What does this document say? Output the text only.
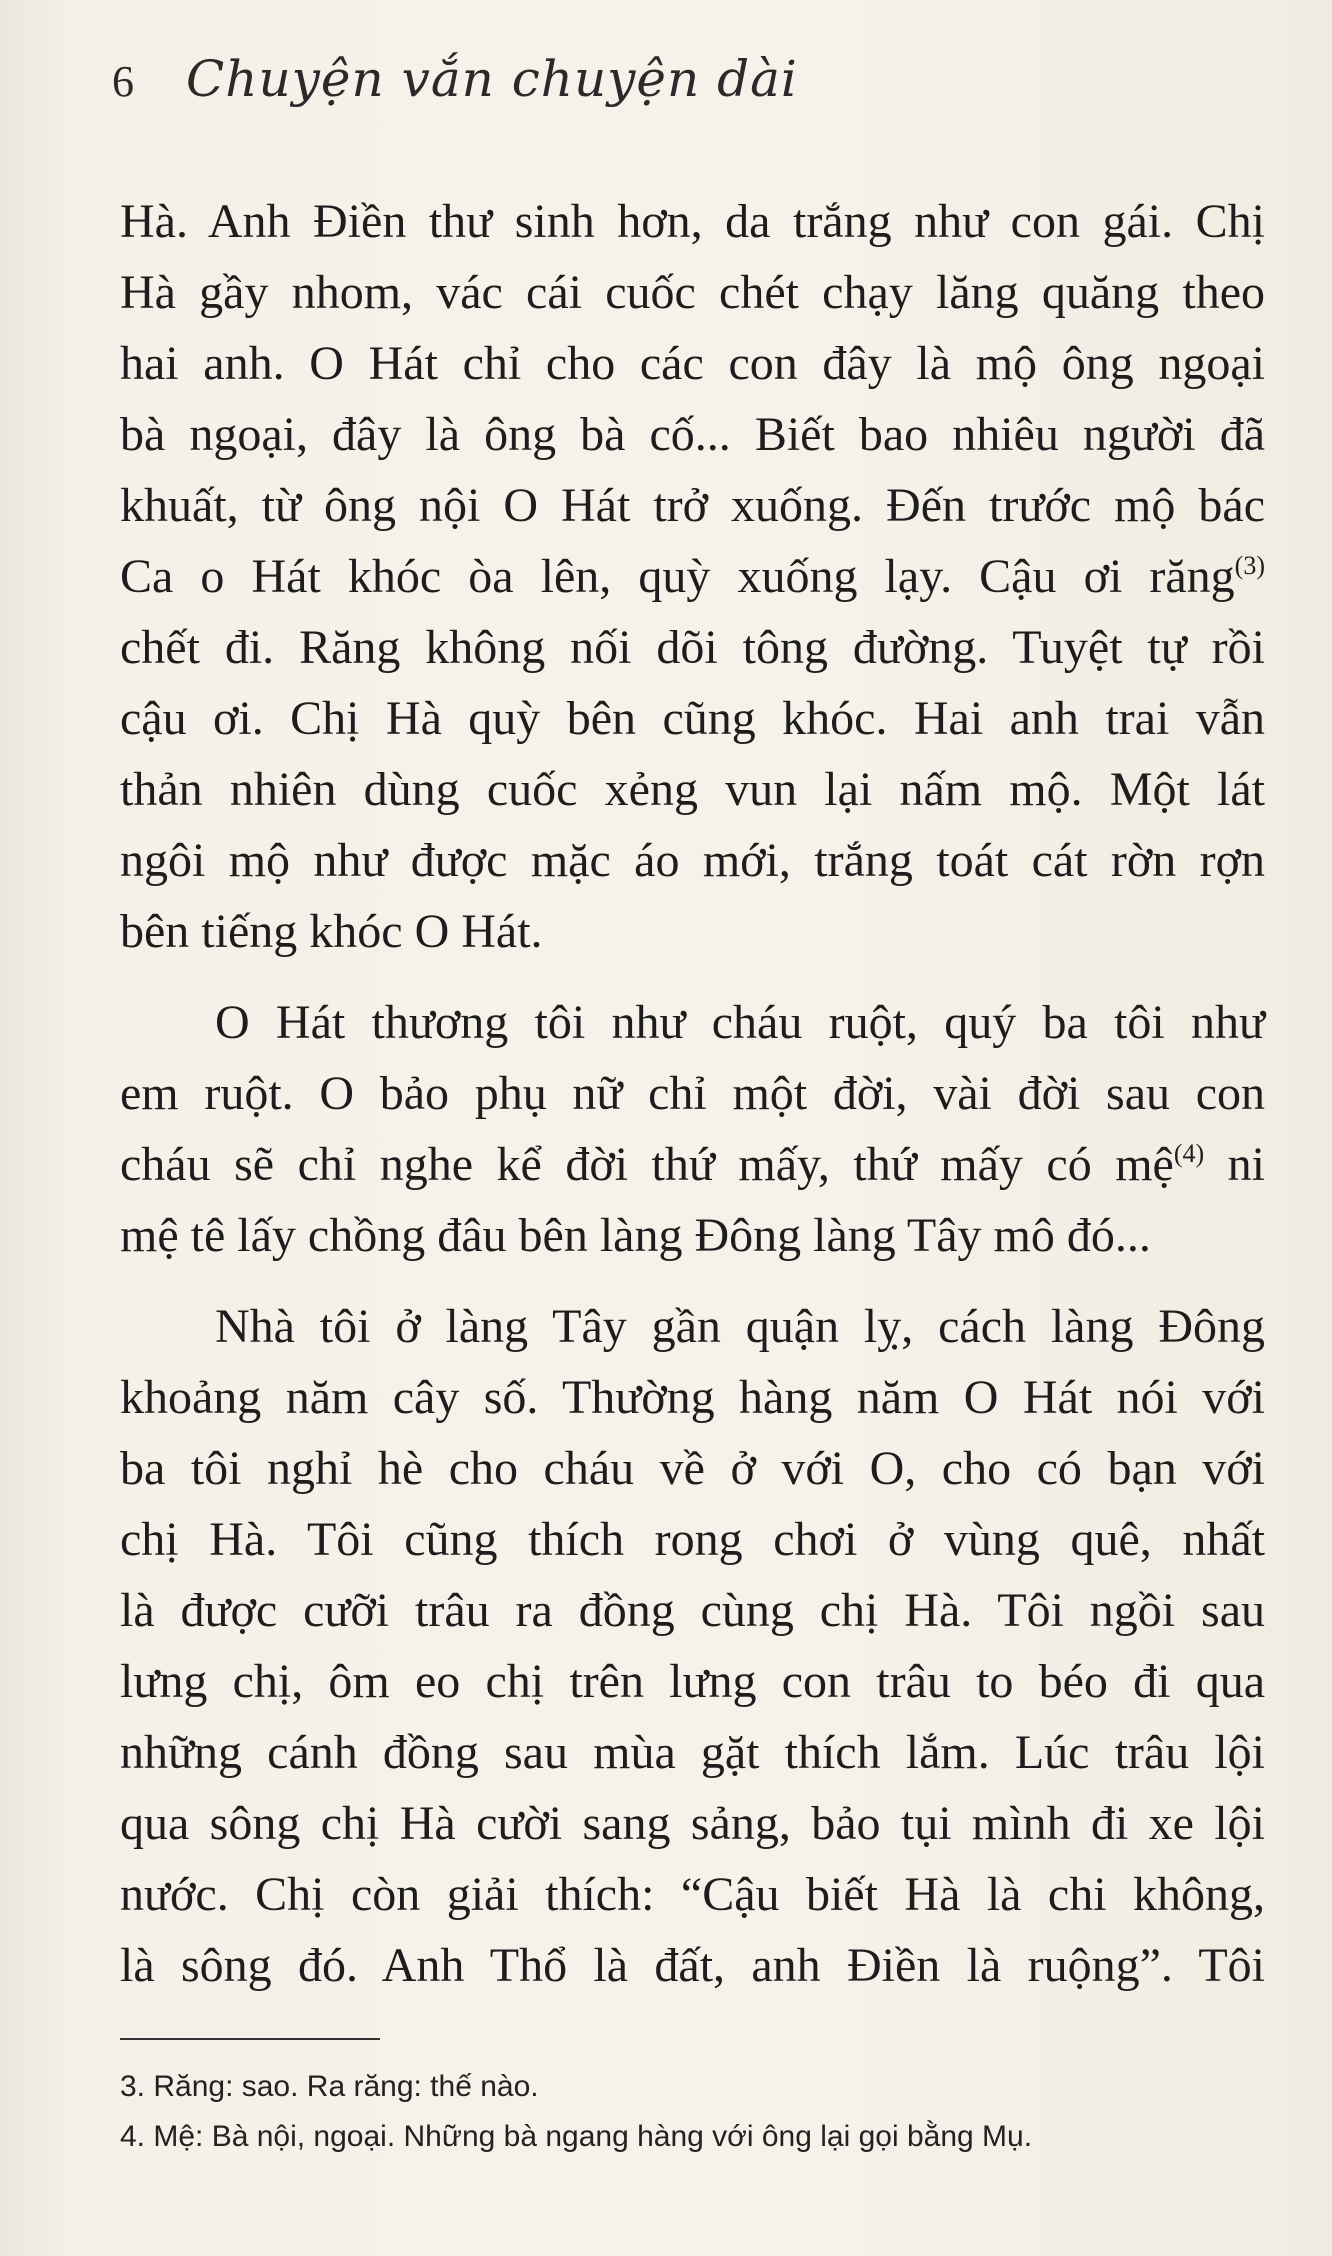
6 Chuyện vắn chuyện dài
Hà. Anh Điền thư sinh hơn, da trắng như con gái. Chị
Hà gầy nhom, vác cái cuốc chét chạy lăng quăng theo
hai anh. O Hát chỉ cho các con đây là mộ ông ngoại
bà ngoại, đây là ông bà cố... Biết bao nhiêu người đã
khuất, từ ông nội O Hát trở xuống. Đến trước mộ bác
Ca o Hát khóc òa lên, quỳ xuống lạy. Cậu ơi răng$^{(3)}$
chết đi. Răng không nối dõi tông đường. Tuyệt tự rồi
cậu ơi. Chị Hà quỳ bên cũng khóc. Hai anh trai vẫn
thản nhiên dùng cuốc xẻng vun lại nấm mộ. Một lát
ngôi mộ như được mặc áo mới, trắng toát cát rờn rợn
bên tiếng khóc O Hát.
O Hát thương tôi như cháu ruột, quý ba tôi như
em ruột. O bảo phụ nữ chỉ một đời, vài đời sau con
cháu sẽ chỉ nghe kể đời thứ mấy, thứ mấy có mệ$^{(4)}$ ni
mệ tê lấy chồng đâu bên làng Đông làng Tây mô đó...
Nhà tôi ở làng Tây gần quận lỵ, cách làng Đông
khoảng năm cây số. Thường hàng năm O Hát nói với
ba tôi nghỉ hè cho cháu về ở với O, cho có bạn với
chị Hà. Tôi cũng thích rong chơi ở vùng quê, nhất
là được cưỡi trâu ra đồng cùng chị Hà. Tôi ngồi sau
lưng chị, ôm eo chị trên lưng con trâu to béo đi qua
những cánh đồng sau mùa gặt thích lắm. Lúc trâu lội
qua sông chị Hà cười sang sảng, bảo tụi mình đi xe lội
nước. Chị còn giải thích: “Cậu biết Hà là chi không,
là sông đó. Anh Thổ là đất, anh Điền là ruộng”. Tôi
3. Răng: sao. Ra răng: thế nào.
4. Mệ: Bà nội, ngoại. Những bà ngang hàng với ông lại gọi bằng Mụ.
